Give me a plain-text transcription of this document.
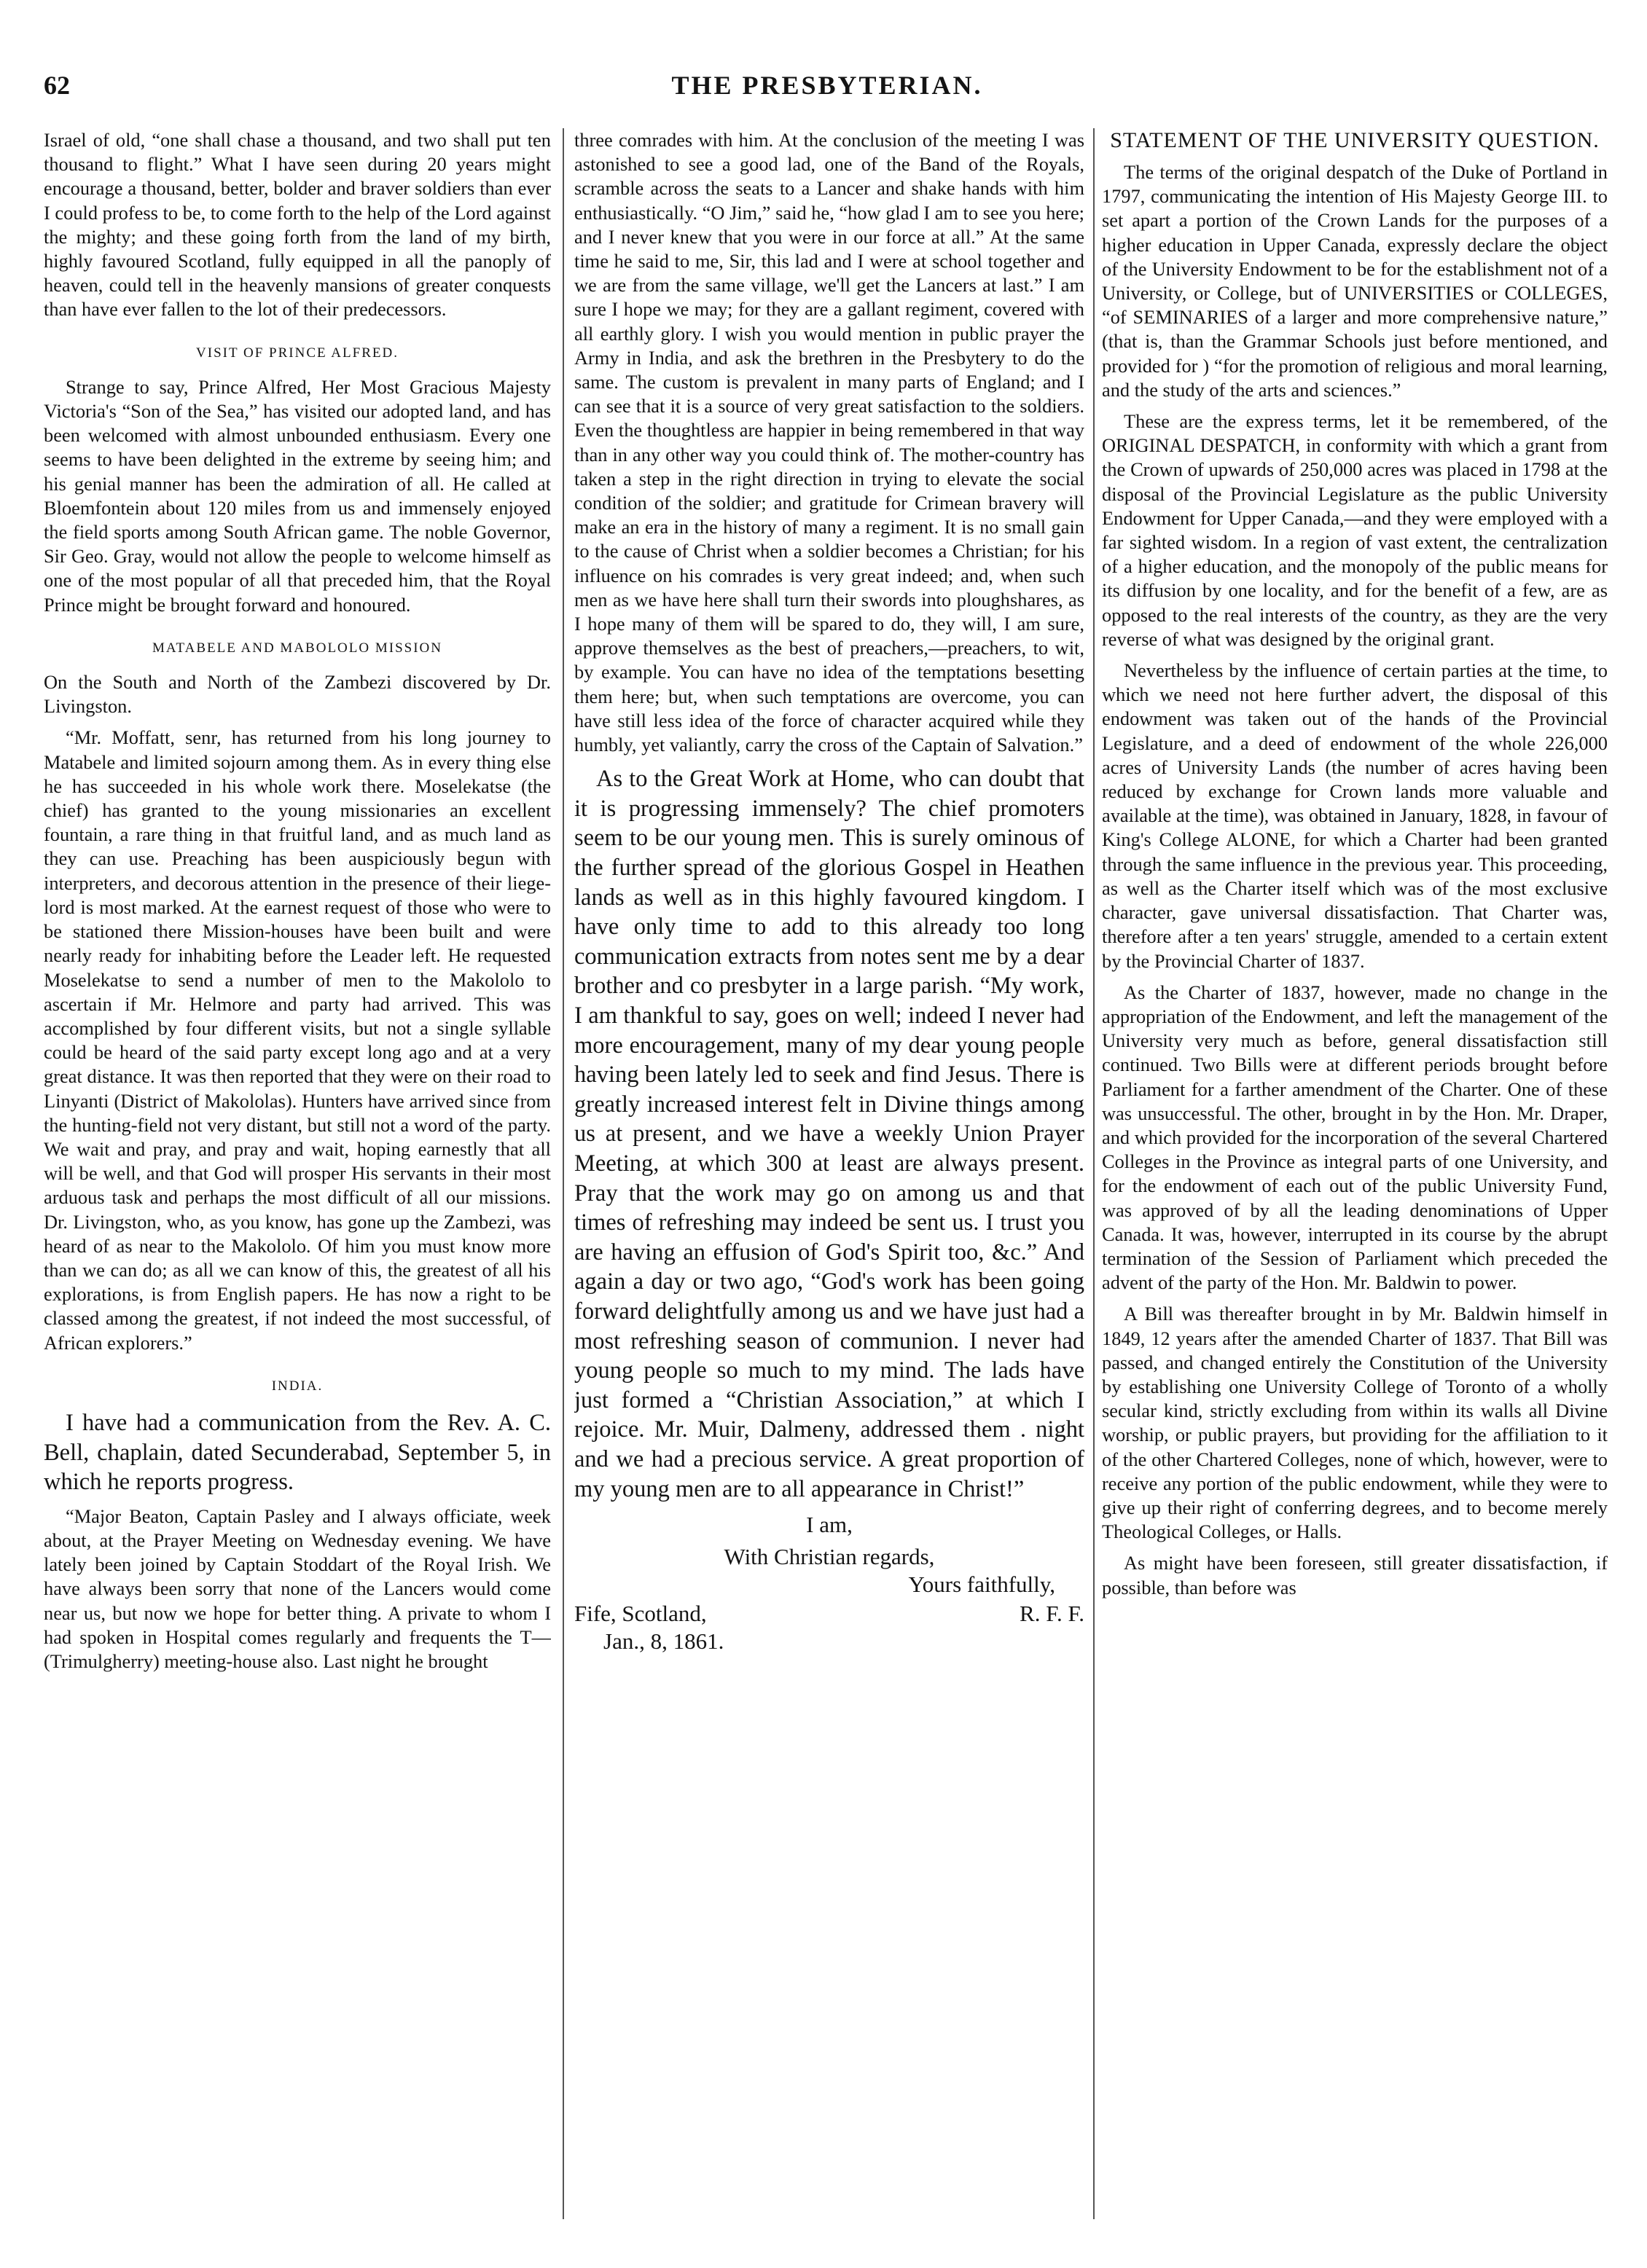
62	THE PRESBYTERIAN.

Israel of old, “one shall chase a thousand, and two shall put ten thousand to flight.” What I have seen during 20 years might encourage a thousand, better, bolder and braver soldiers than ever I could profess to be, to come forth to the help of the Lord against the mighty; and these going forth from the land of my birth, highly favoured Scotland, fully equipped in all the panoply of heaven, could tell in the heavenly mansions of greater conquests than have ever fallen to the lot of their predecessors.

VISIT OF PRINCE ALFRED.

Strange to say, Prince Alfred, Her Most Gracious Majesty Victoria's “Son of the Sea,” has visited our adopted land, and has been welcomed with almost unbounded enthusiasm. Every one seems to have been delighted in the extreme by seeing him; and his genial manner has been the admiration of all. He called at Bloemfontein about 120 miles from us and immensely enjoyed the field sports among South African game. The noble Governor, Sir Geo. Gray, would not allow the people to welcome himself as one of the most popular of all that preceded him, that the Royal Prince might be brought forward and honoured.

MATABELE AND MABOLOLO MISSION

On the South and North of the Zambezi discovered by Dr. Livingston.

“Mr. Moffatt, senr, has returned from his long journey to Matabele and limited sojourn among them. As in every thing else he has succeeded in his whole work there. Moselekatse (the chief) has granted to the young missionaries an excellent fountain, a rare thing in that fruitful land, and as much land as they can use. Preaching has been auspiciously begun with interpreters, and decorous attention in the presence of their liege-lord is most marked. At the earnest request of those who were to be stationed there Mission-houses have been built and were nearly ready for inhabiting before the Leader left. He requested Moselekatse to send a number of men to the Makololo to ascertain if Mr. Helmore and party had arrived. This was accomplished by four different visits, but not a single syllable could be heard of the said party except long ago and at a very great distance. It was then reported that they were on their road to Linyanti (District of Makololas). Hunters have arrived since from the hunting-field not very distant, but still not a word of the party. We wait and pray, and pray and wait, hoping earnestly that all will be well, and that God will prosper His servants in their most arduous task and perhaps the most difficult of all our missions. Dr. Livingston, who, as you know, has gone up the Zambezi, was heard of as near to the Makololo. Of him you must know more than we can do; as all we can know of this, the greatest of all his explorations, is from English papers. He has now a right to be classed among the greatest, if not indeed the most successful, of African explorers.”

INDIA.

I have had a communication from the Rev. A. C. Bell, chaplain, dated Secunderabad, September 5, in which he reports progress.

“Major Beaton, Captain Pasley and I always officiate, week about, at the Prayer Meeting on Wednesday evening. We have lately been joined by Captain Stoddart of the Royal Irish. We have always been sorry that none of the Lancers would come near us, but now we hope for better thing. A private to whom I had spoken in Hospital comes regularly and frequents the T— (Trimulgherry) meeting-house also. Last night he brought

three comrades with him. At the conclusion of the meeting I was astonished to see a good lad, one of the Band of the Royals, scramble across the seats to a Lancer and shake hands with him enthusiastically. “O Jim,” said he, “how glad I am to see you here; and I never knew that you were in our force at all.” At the same time he said to me, Sir, this lad and I were at school together and we are from the same village, we'll get the Lancers at last.” I am sure I hope we may; for they are a gallant regiment, covered with all earthly glory. I wish you would mention in public prayer the Army in India, and ask the brethren in the Presbytery to do the same. The custom is prevalent in many parts of England; and I can see that it is a source of very great satisfaction to the soldiers. Even the thoughtless are happier in being remembered in that way than in any other way you could think of. The mother-country has taken a step in the right direction in trying to elevate the social condition of the soldier; and gratitude for Crimean bravery will make an era in the history of many a regiment. It is no small gain to the cause of Christ when a soldier becomes a Christian; for his influence on his comrades is very great indeed; and, when such men as we have here shall turn their swords into ploughshares, as I hope many of them will be spared to do, they will, I am sure, approve themselves as the best of preachers,—preachers, to wit, by example. You can have no idea of the temptations besetting them here; but, when such temptations are overcome, you can have still less idea of the force of character acquired while they humbly, yet valiantly, carry the cross of the Captain of Salvation.”

As to the Great Work at Home, who can doubt that it is progressing immensely? The chief promoters seem to be our young men. This is surely ominous of the further spread of the glorious Gospel in Heathen lands as well as in this highly favoured kingdom. I have only time to add to this already too long communication extracts from notes sent me by a dear brother and co presbyter in a large parish. “My work, I am thankful to say, goes on well; indeed I never had more encouragement, many of my dear young people having been lately led to seek and find Jesus. There is greatly increased interest felt in Divine things among us at present, and we have a weekly Union Prayer Meeting, at which 300 at least are always present. Pray that the work may go on among us and that times of refreshing may indeed be sent us. I trust you are having an effusion of God's Spirit too, &c.” And again a day or two ago, “God's work has been going forward delightfully among us and we have just had a most refreshing season of communion. I never had young people so much to my mind. The lads have just formed a “Christian Association,” at which I rejoice. Mr. Muir, Dalmeny, addressed them . night and we had a precious service. A great proportion of my young men are to all appearance in Christ!”

I am,
With Christian regards,
Yours faithfully,
Fife, Scotland,	R. F. F.
Jan., 8, 1861.
STATEMENT OF THE UNIVERSITY QUESTION.

The terms of the original despatch of the Duke of Portland in 1797, communicating the intention of His Majesty George III. to set apart a portion of the Crown Lands for the purposes of a higher education in Upper Canada, expressly declare the object of the University Endowment to be for the establishment not of a University, or College, but of UNIVERSITIES or COLLEGES, “of SEMINARIES of a larger and more comprehensive nature,” (that is, than the Grammar Schools just before mentioned, and provided for ) “for the promotion of religious and moral learning, and the study of the arts and sciences.”

These are the express terms, let it be remembered, of the ORIGINAL DESPATCH, in conformity with which a grant from the Crown of upwards of 250,000 acres was placed in 1798 at the disposal of the Provincial Legislature as the public University Endowment for Upper Canada,—and they were employed with a far sighted wisdom. In a region of vast extent, the centralization of a higher education, and the monopoly of the public means for its diffusion by one locality, and for the benefit of a few, are as opposed to the real interests of the country, as they are the very reverse of what was designed by the original grant.

Nevertheless by the influence of certain parties at the time, to which we need not here further advert, the disposal of this endowment was taken out of the hands of the Provincial Legislature, and a deed of endowment of the whole 226,000 acres of University Lands (the number of acres having been reduced by exchange for Crown lands more valuable and available at the time), was obtained in January, 1828, in favour of King's College ALONE, for which a Charter had been granted through the same influence in the previous year. This proceeding, as well as the Charter itself which was of the most exclusive character, gave universal dissatisfaction. That Charter was, therefore after a ten years' struggle, amended to a certain extent by the Provincial Charter of 1837.

As the Charter of 1837, however, made no change in the appropriation of the Endowment, and left the management of the University very much as before, general dissatisfaction still continued. Two Bills were at different periods brought before Parliament for a farther amendment of the Charter. One of these was unsuccessful. The other, brought in by the Hon. Mr. Draper, and which provided for the incorporation of the several Chartered Colleges in the Province as integral parts of one University, and for the endowment of each out of the public University Fund, was approved of by all the leading denominations of Upper Canada. It was, however, interrupted in its course by the abrupt termination of the Session of Parliament which preceded the advent of the party of the Hon. Mr. Baldwin to power.

A Bill was thereafter brought in by Mr. Baldwin himself in 1849, 12 years after the amended Charter of 1837. That Bill was passed, and changed entirely the Constitution of the University by establishing one University College of Toronto of a wholly secular kind, strictly excluding from within its walls all Divine worship, or public prayers, but providing for the affiliation to it of the other Chartered Colleges, none of which, however, were to receive any portion of the public endowment, while they were to give up their right of conferring degrees, and to become merely Theological Colleges, or Halls.

As might have been foreseen, still greater dissatisfaction, if possible, than before was
